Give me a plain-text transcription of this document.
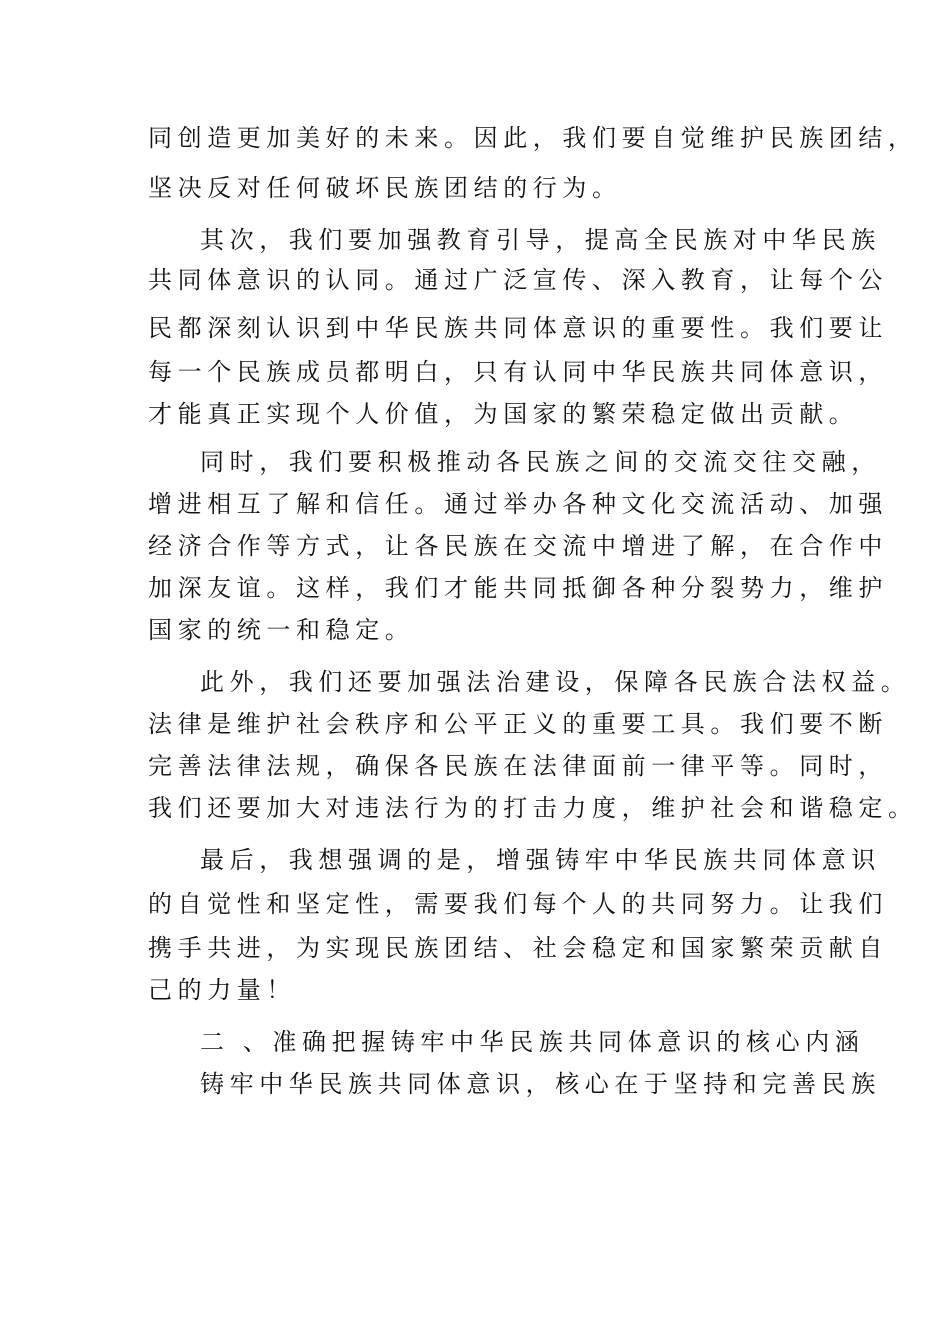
同创造更加美好的未来。因此，我们要自觉维护民族团结，
坚决反对任何破坏民族团结的行为。
其次，我们要加强教育引导，提高全民族对中华民族
共同体意识的认同。通过广泛宣传、深入教育，让每个公
民都深刻认识到中华民族共同体意识的重要性。我们要让
每一个民族成员都明白，只有认同中华民族共同体意识，
才能真正实现个人价值，为国家的繁荣稳定做出贡献。
同时，我们要积极推动各民族之间的交流交往交融，
增进相互了解和信任。通过举办各种文化交流活动、加强
经济合作等方式，让各民族在交流中增进了解，在合作中
加深友谊。这样，我们才能共同抵御各种分裂势力，维护
国家的统一和稳定。
此外，我们还要加强法治建设，保障各民族合法权益。
法律是维护社会秩序和公平正义的重要工具。我们要不断
完善法律法规，确保各民族在法律面前一律平等。同时，
我们还要加大对违法行为的打击力度，维护社会和谐稳定。
最后，我想强调的是，增强铸牢中华民族共同体意识
的自觉性和坚定性，需要我们每个人的共同努力。让我们
携手共进，为实现民族团结、社会稳定和国家繁荣贡献自
己的力量！
二 、准确把握铸牢中华民族共同体意识的核心内涵
铸牢中华民族共同体意识，核心在于坚持和完善民族
